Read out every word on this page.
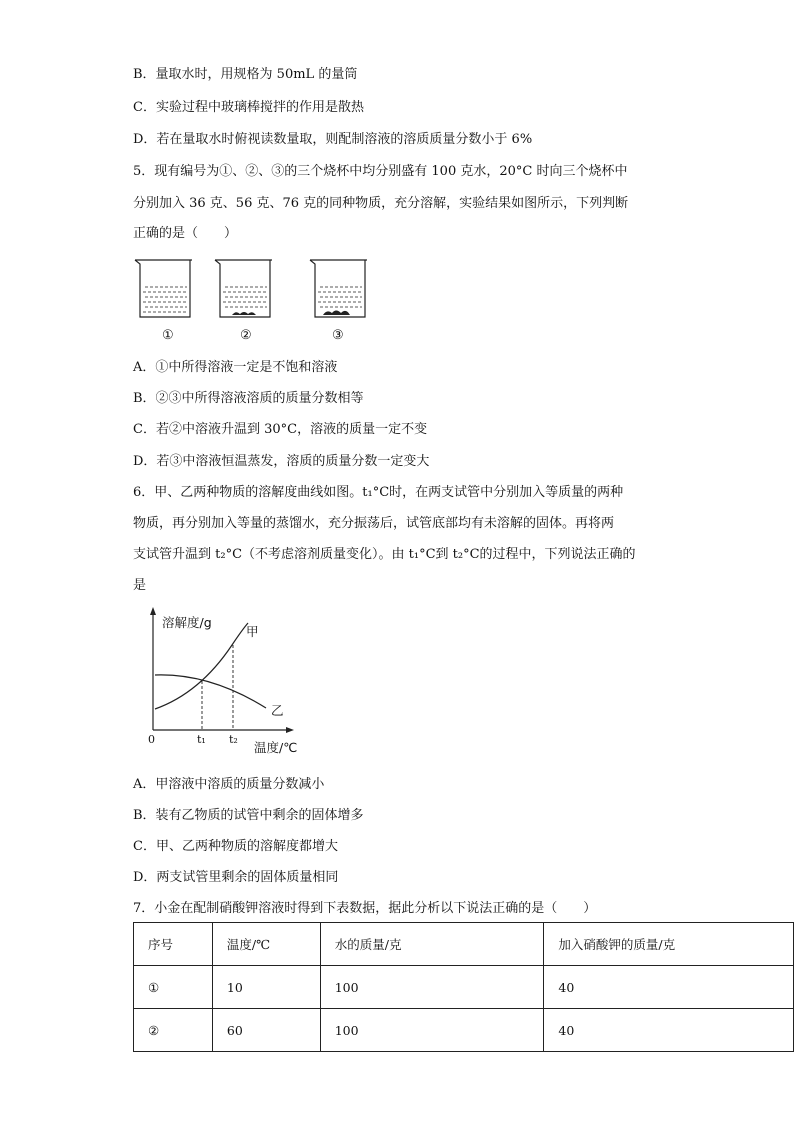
B．量取水时，用规格为 50mL 的量筒
C．实验过程中玻璃棒搅拌的作用是散热
D．若在量取水时俯视读数量取，则配制溶液的溶质质量分数小于 6%
5．现有编号为①、②、③的三个烧杯中均分别盛有 100 克水，20°C 时向三个烧杯中
分别加入 36 克、56 克、76 克的同种物质，充分溶解，实验结果如图所示，下列判断
正确的是（　　）
①	②	③
A．①中所得溶液一定是不饱和溶液
B．②③中所得溶液溶质的质量分数相等
C．若②中溶液升温到 30°C，溶液的质量一定不变
D．若③中溶液恒温蒸发，溶质的质量分数一定变大
6．甲、乙两种物质的溶解度曲线如图。t₁°C时，在两支试管中分别加入等质量的两种
物质，再分别加入等量的蒸馏水，充分振荡后，试管底部均有未溶解的固体。再将两
支试管升温到 t₂°C（不考虑溶剂质量变化）。由 t₁°C到 t₂°C的过程中，下列说法正确的
是
溶解度/g
甲
乙
0	t₁ t₂
温度/℃
A．甲溶液中溶质的质量分数减小
B．装有乙物质的试管中剩余的固体增多
C．甲、乙两种物质的溶解度都增大
D．两支试管里剩余的固体质量相同
7．小金在配制硝酸钾溶液时得到下表数据，据此分析以下说法正确的是（　　）
序号	温度/℃	水的质量/克	加入硝酸钾的质量/克
①	10	100	40
②	60	100	40
